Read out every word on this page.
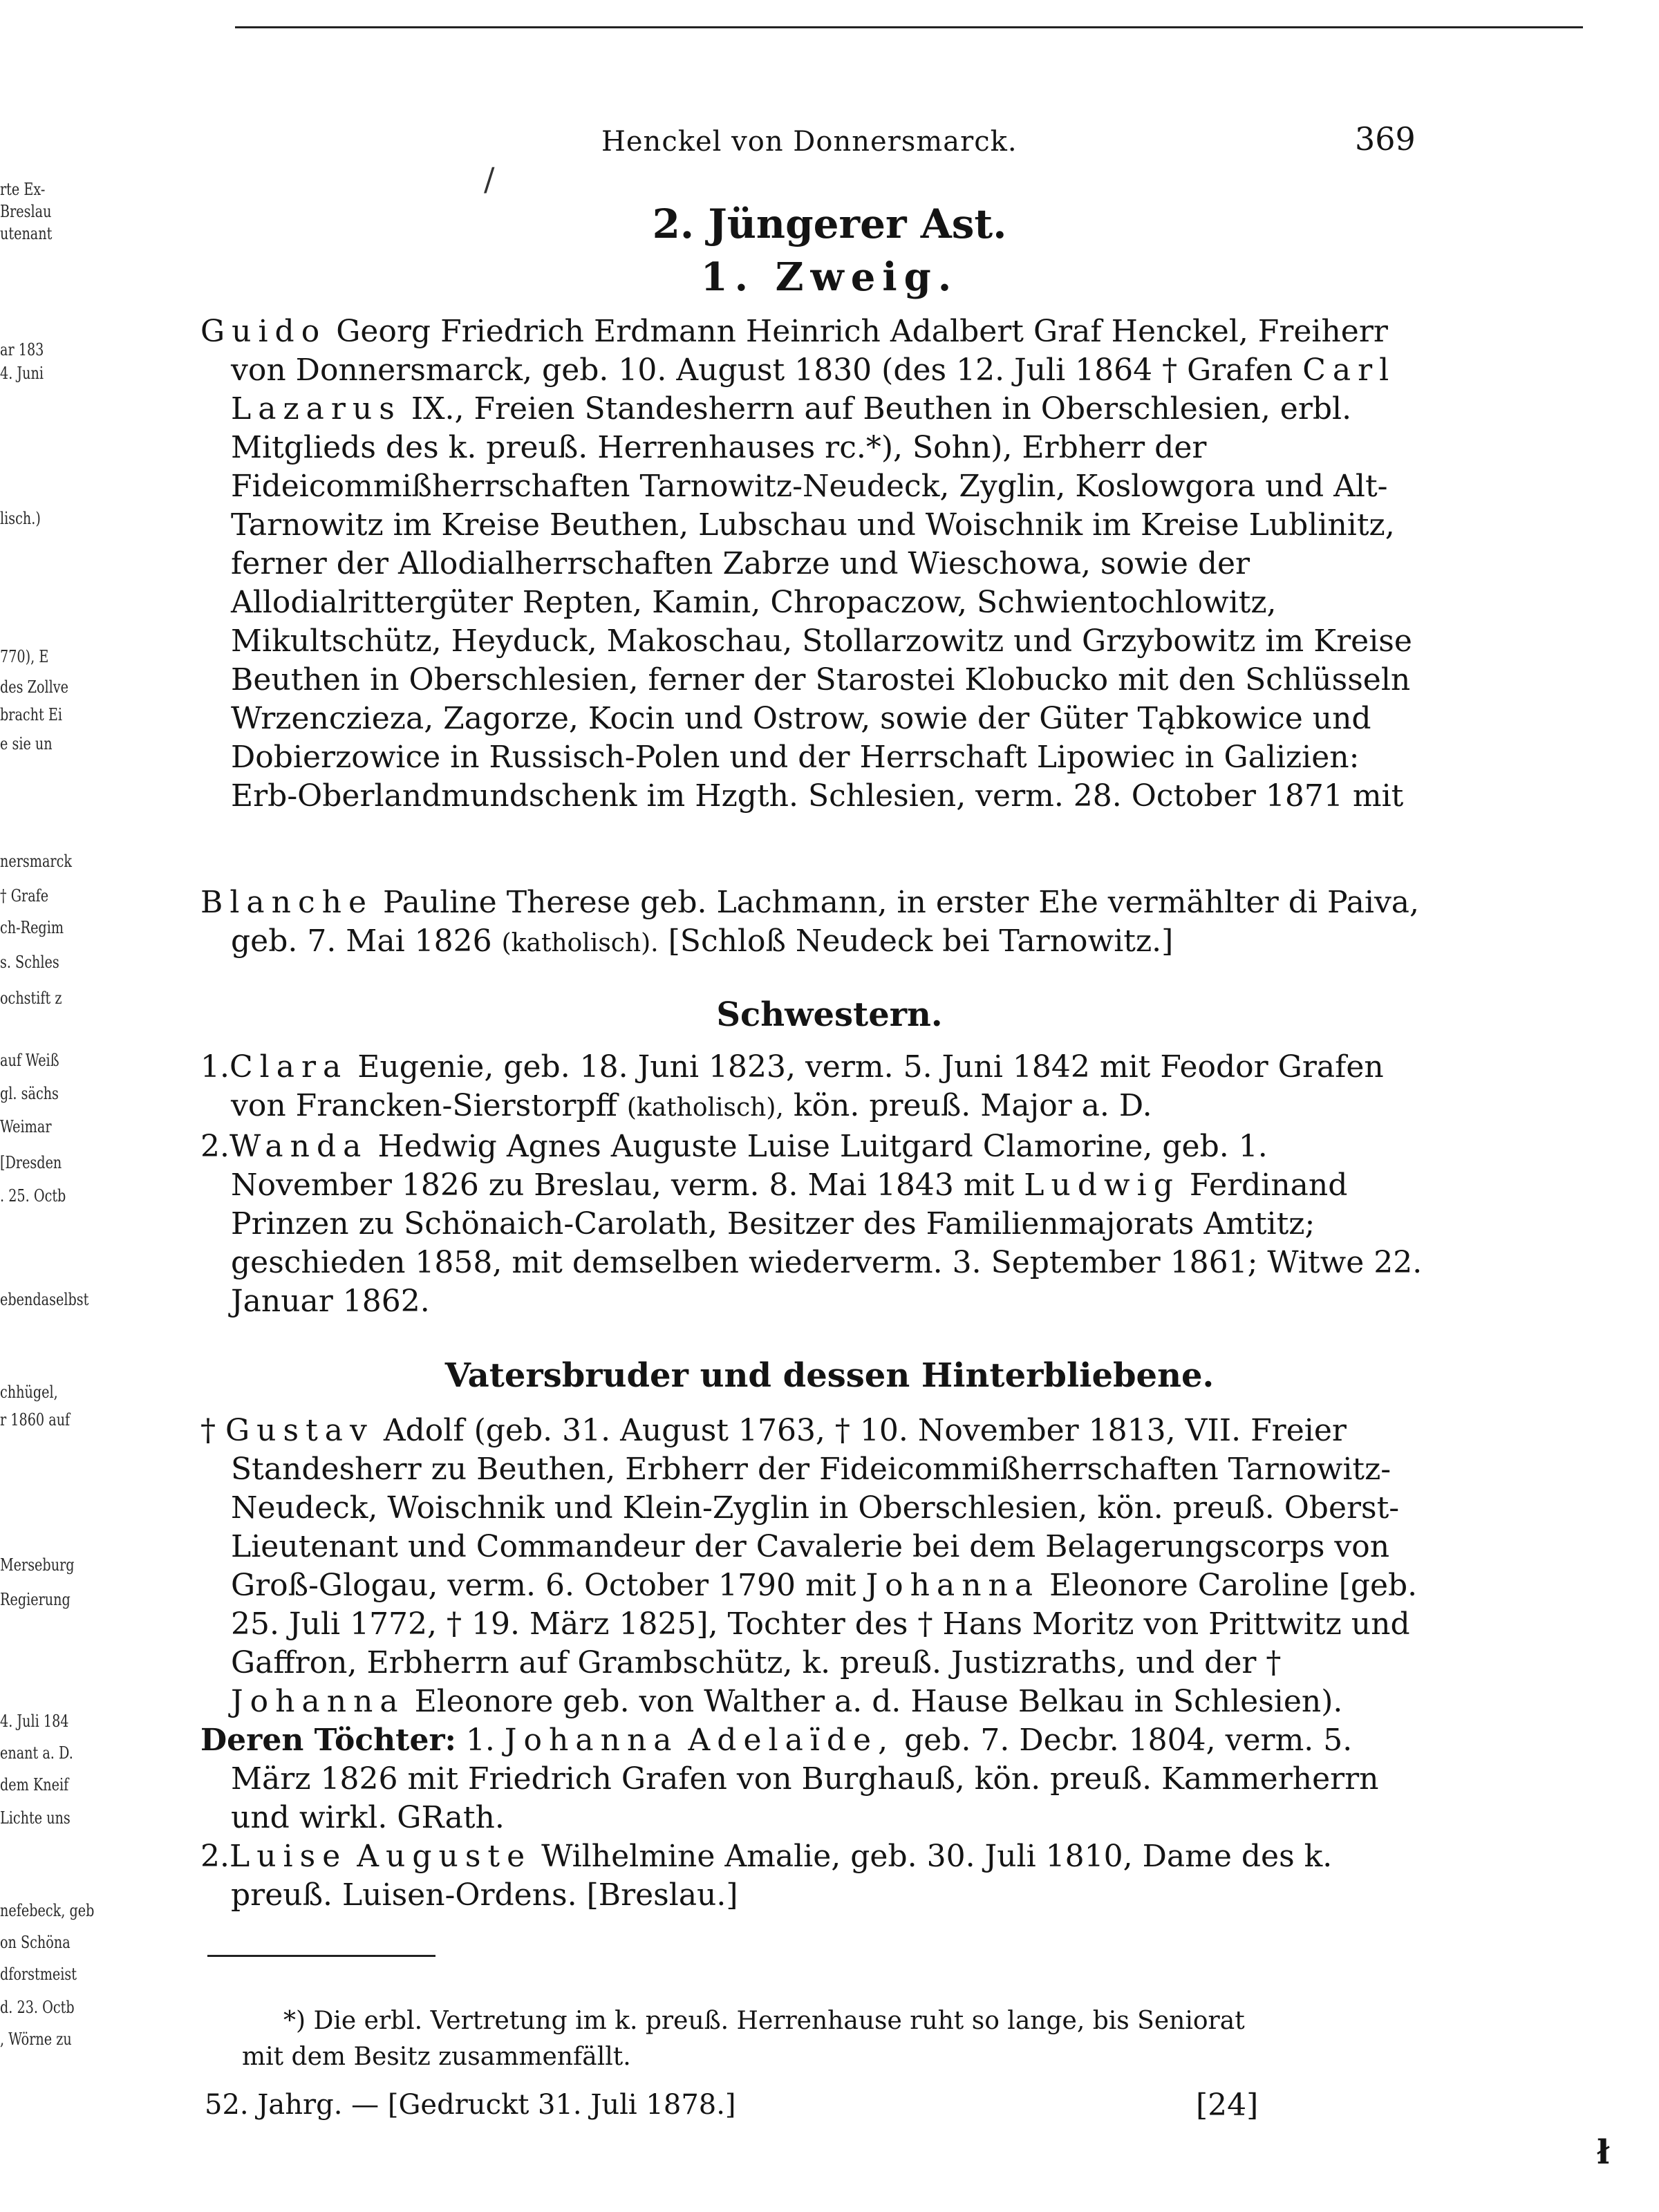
Henckel von Donnersmarck.	369
/
rte Ex-
Breslau
utenant
ar 183
4. Juni
lisch.)
770), E
des Zollve
bracht Ei
e sie un
nersmarck
† Grafe
ch-Regim
s. Schles
ochstift z
auf Weiß
gl. sächs
Weimar
[Dresden
. 25. Octb
ebendaselbst
chhügel,
r 1860 auf
Merseburg
Regierung
4. Juli 184
enant a. D.
dem Kneif
Lichte uns
nefebeck, geb
on Schöna
dforstmeist
d. 23. Octb
, Wörne zu
2. Jüngerer Ast.
1. Zweig.
Guido Georg Friedrich Erdmann Heinrich Adalbert Graf Henckel, Freiherr von Donnersmarck, geb. 10. August 1830 (des 12. Juli 1864 † Grafen Carl Lazarus IX., Freien Standesherrn auf Beuthen in Oberschlesien, erbl. Mitglieds des k. preuß. Herrenhauses rc.*), Sohn), Erbherr der Fideicommißherrschaften Tarnowitz-Neudeck, Zyglin, Koslowgora und Alt-Tarnowitz im Kreise Beuthen, Lubschau und Woischnik im Kreise Lublinitz, ferner der Allodialherrschaften Zabrze und Wieschowa, sowie der Allodialrittergüter Repten, Kamin, Chropaczow, Schwientochlowitz, Mikultschütz, Heyduck, Makoschau, Stollarzowitz und Grzybowitz im Kreise Beuthen in Oberschlesien, ferner der Starostei Klobucko mit den Schlüsseln Wrzenczieza, Zagorze, Kocin und Ostrow, sowie der Güter Tąbkowice und Dobierzowice in Russisch-Polen und der Herrschaft Lipowiec in Galizien: Erb-Oberlandmundschenk im Hzgth. Schlesien, verm. 28. October 1871 mit
Blanche Pauline Therese geb. Lachmann, in erster Ehe vermählter di Paiva, geb. 7. Mai 1826 (katholisch). [Schloß Neudeck bei Tarnowitz.]
Schwestern.
1.Clara Eugenie, geb. 18. Juni 1823, verm. 5. Juni 1842 mit Feodor Grafen von Francken-Sierstorpff (katholisch), kön. preuß. Major a. D.
2.Wanda Hedwig Agnes Auguste Luise Luitgard Clamorine, geb. 1. November 1826 zu Breslau, verm. 8. Mai 1843 mit Ludwig Ferdinand Prinzen zu Schönaich-Carolath, Besitzer des Familienmajorats Amtitz; geschieden 1858, mit demselben wiederverm. 3. September 1861; Witwe 22. Januar 1862.
Vatersbruder und dessen Hinterbliebene.
† Gustav Adolf (geb. 31. August 1763, † 10. November 1813, VII. Freier Standesherr zu Beuthen, Erbherr der Fideicommißherrschaften Tarnowitz-Neudeck, Woischnik und Klein-Zyglin in Oberschlesien, kön. preuß. Oberst-Lieutenant und Commandeur der Cavalerie bei dem Belagerungscorps von Groß-Glogau, verm. 6. October 1790 mit Johanna Eleonore Caroline [geb. 25. Juli 1772, † 19. März 1825], Tochter des † Hans Moritz von Prittwitz und Gaffron, Erbherrn auf Grambschütz, k. preuß. Justizraths, und der † Johanna Eleonore geb. von Walther a. d. Hause Belkau in Schlesien).
Deren Töchter: 1. Johanna Adelaïde, geb. 7. Decbr. 1804, verm. 5. März 1826 mit Friedrich Grafen von Burghauß, kön. preuß. Kammerherrn und wirkl. GRath.
2.Luise Auguste Wilhelmine Amalie, geb. 30. Juli 1810, Dame des k. preuß. Luisen-Ordens. [Breslau.]
*) Die erbl. Vertretung im k. preuß. Herrenhause ruht so lange, bis Seniorat
mit dem Besitz zusammenfällt.
52. Jahrg. — [Gedruckt 31. Juli 1878.]	[24]
ł
